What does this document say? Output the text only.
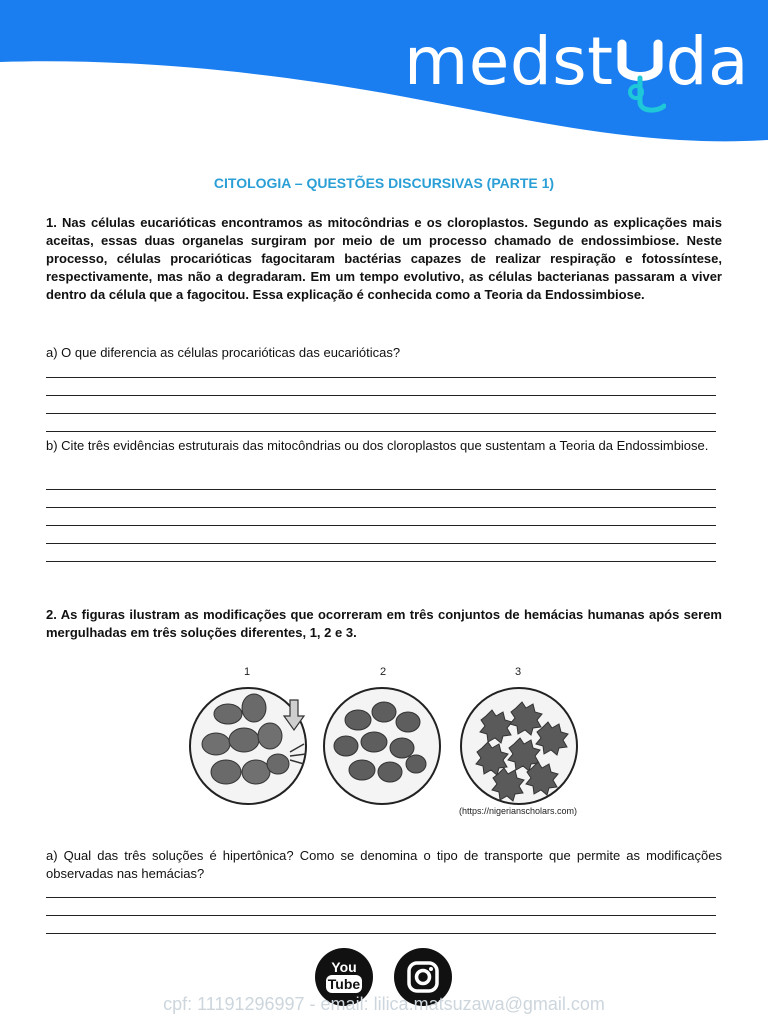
medst da
CITOLOGIA – QUESTÕES DISCURSIVAS (PARTE 1)
1. Nas células eucarióticas encontramos as mitocôndrias e os cloroplastos. Segundo as explicações mais aceitas, essas duas organelas surgiram por meio de um processo chamado de endossimbiose. Neste processo, células procarióticas fagocitaram bactérias capazes de realizar respiração e fotossíntese, respectivamente, mas não a degradaram. Em um tempo evolutivo, as células bacterianas passaram a viver dentro da célula que a fagocitou. Essa explicação é conhecida como a Teoria da Endossimbiose.
a) O que diferencia as células procarióticas das eucarióticas?
b) Cite três evidências estruturais das mitocôndrias ou dos cloroplastos que sustentam a Teoria da Endossimbiose.
2. As figuras ilustram as modificações que ocorreram em três conjuntos de hemácias humanas após serem mergulhadas em três soluções diferentes, 1, 2 e 3.
1	2	3
(https://nigerianscholars.com)
a) Qual das três soluções é hipertônica? Como se denomina o tipo de transporte que permite as modificações observadas nas hemácias?
You
Tube
cpf: 11191296997 - email: lilica.matsuzawa@gmail.com
